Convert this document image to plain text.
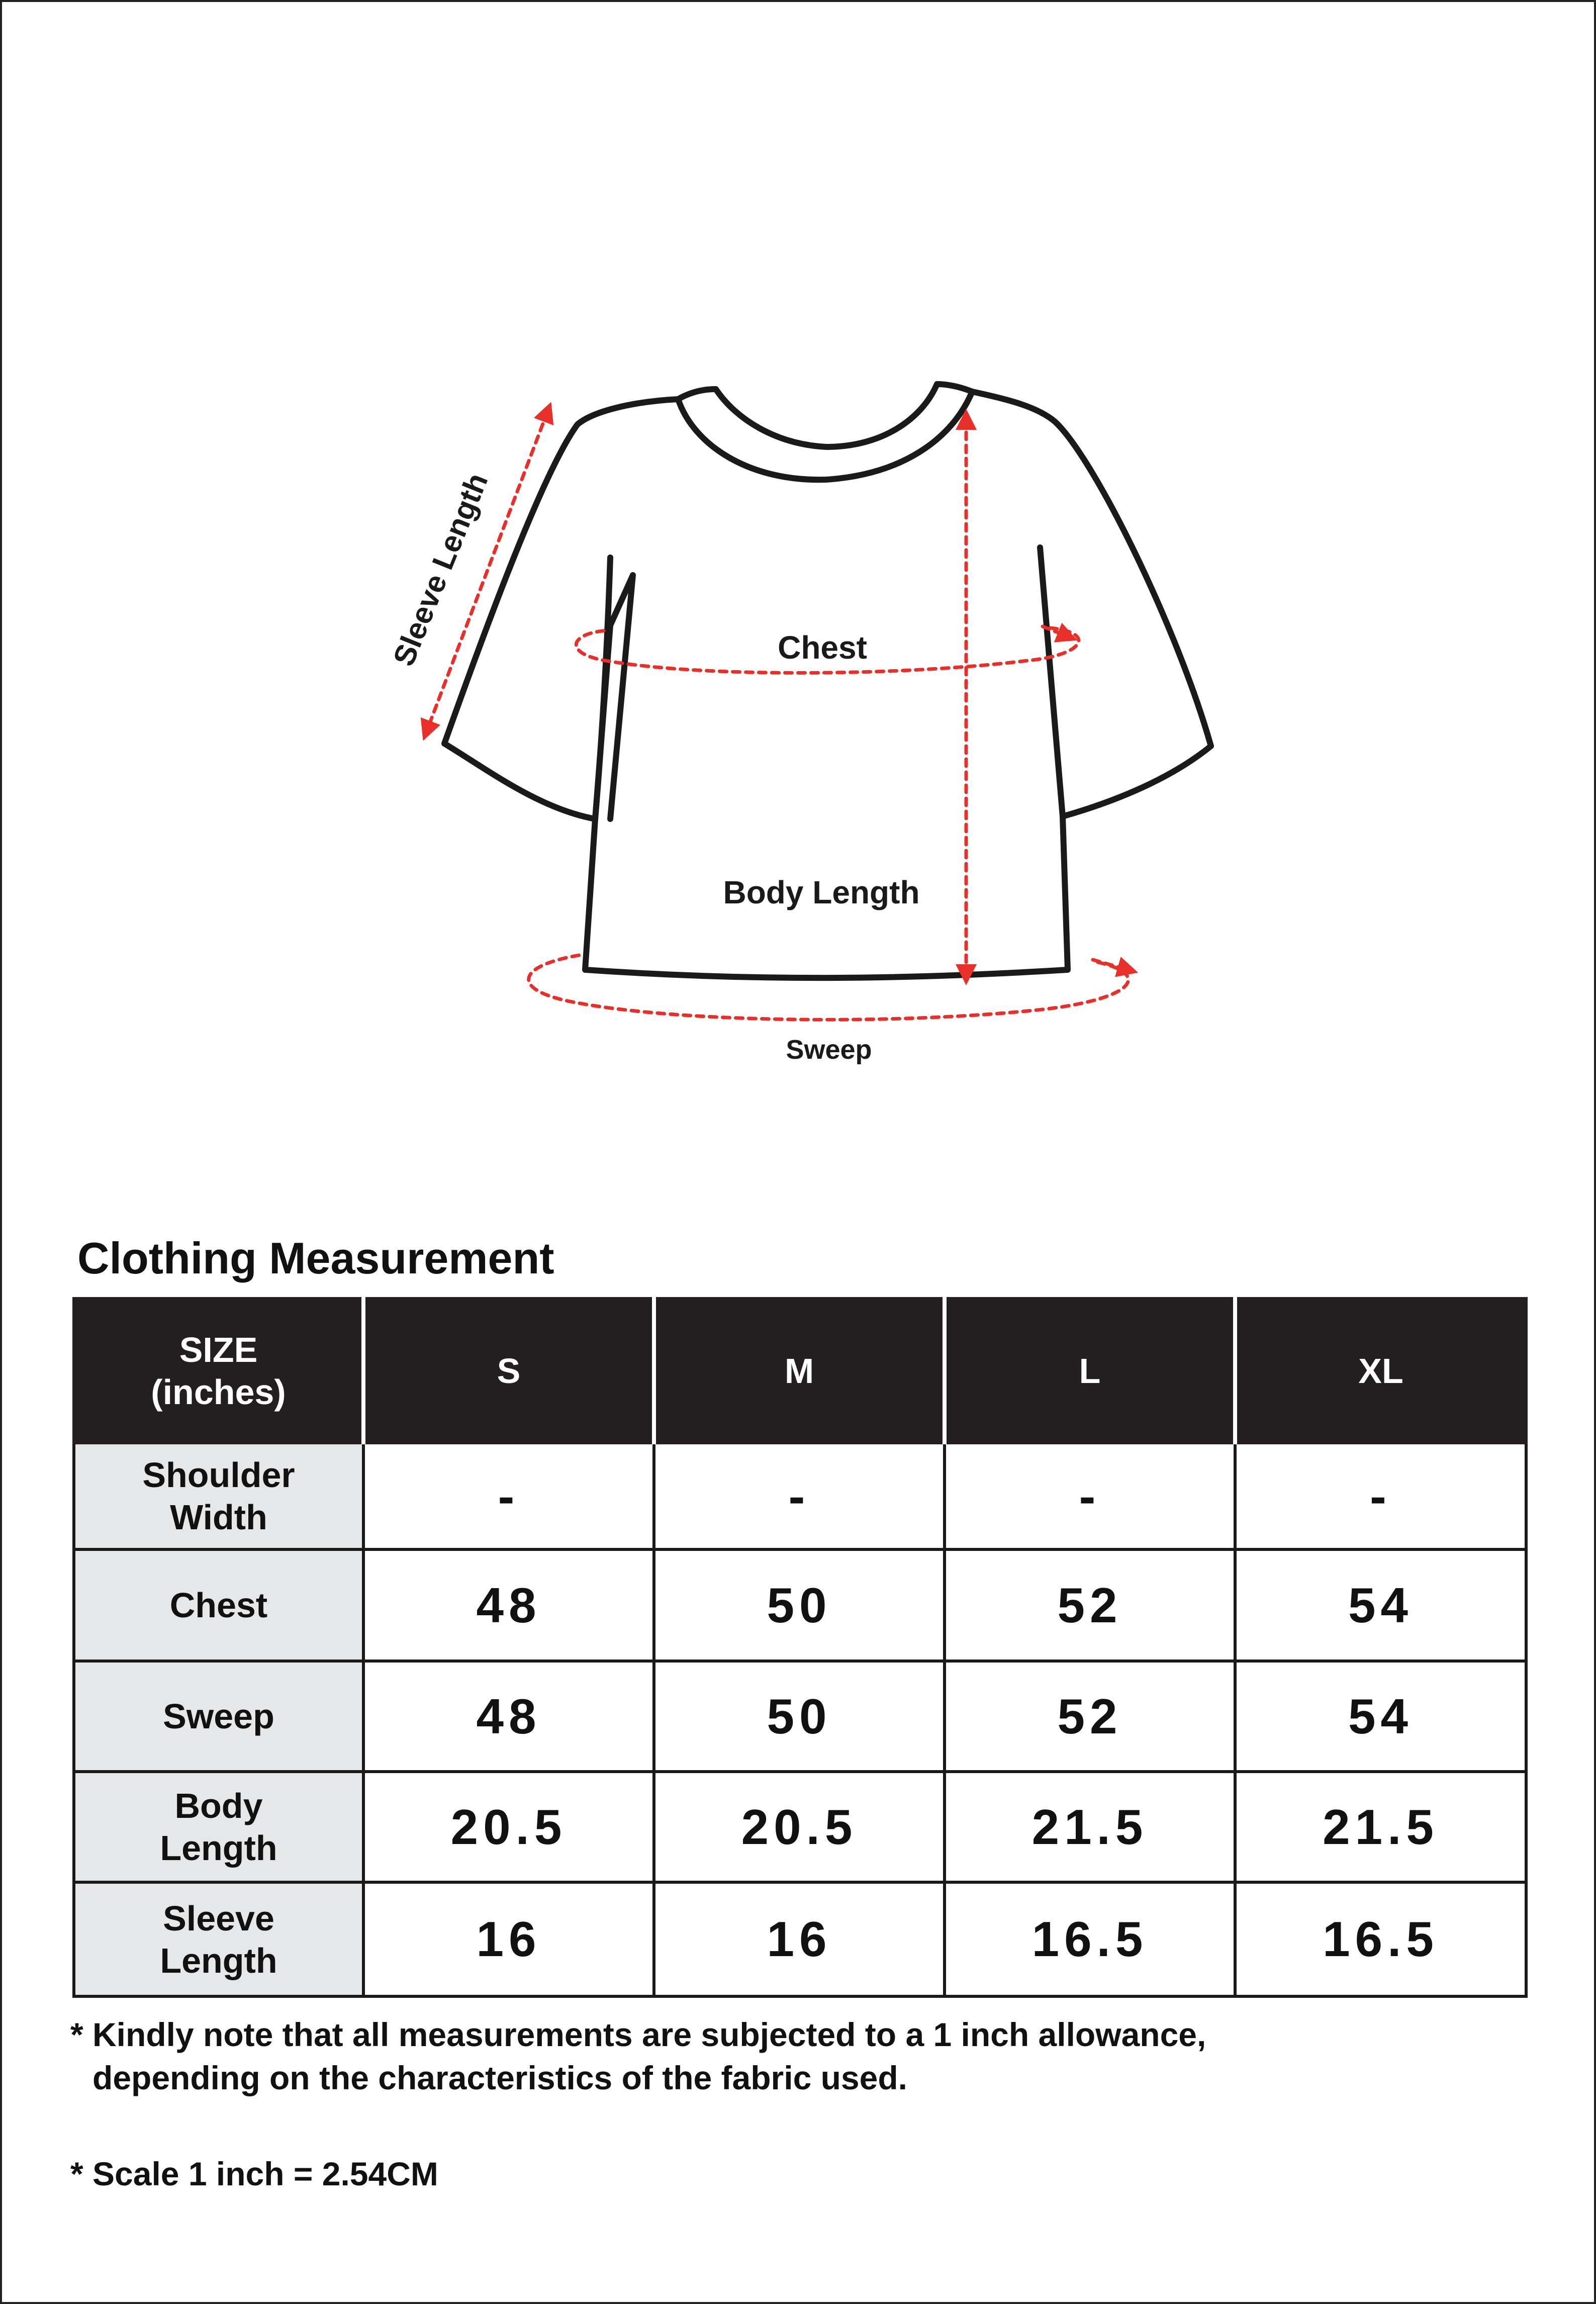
Sleeve Length	Chest
Body Length
Sweep
Clothing Measurement
SIZE
(inches)	S	M	L	XL

Shoulder
Width	-	-	-	-

Chest	48	50	52	54

Sweep	48	50	52	54

Body
Length	20.5	20.5	21.5	21.5

Sleeve
Length	16	16	16.5	16.5
* Kindly note that all measurements are subjected to a 1 inch allowance,
depending on the characteristics of the fabric used.
* Scale 1 inch = 2.54CM
